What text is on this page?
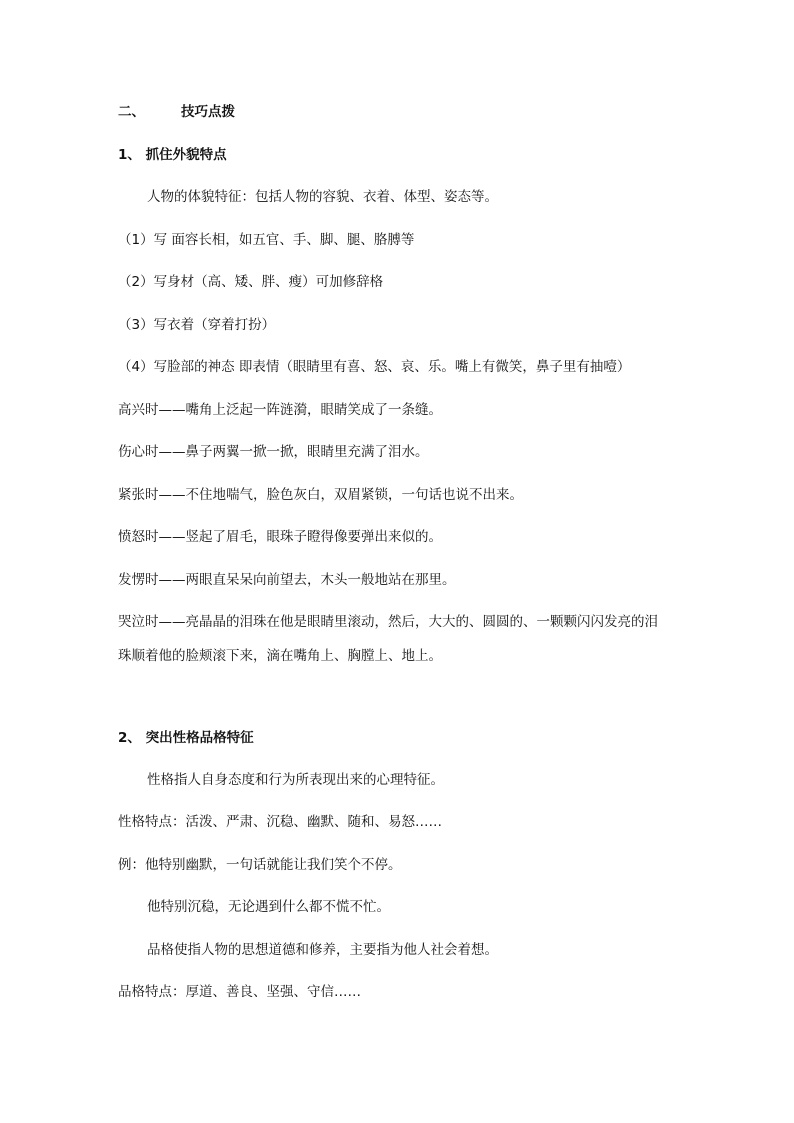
二、	技巧点拨
1、 抓住外貌特点
人物的体貌特征：包括人物的容貌、衣着、体型、姿态等。
（1）写 面容长相，如五官、手、脚、腿、胳膊等
（2）写身材（高、矮、胖、瘦）可加修辞格
（3）写衣着（穿着打扮）
（4）写脸部的神态 即表情（眼睛里有喜、怒、哀、乐。嘴上有微笑，鼻子里有抽噎）
高兴时——嘴角上泛起一阵涟漪，眼睛笑成了一条缝。
伤心时——鼻子两翼一掀一掀，眼睛里充满了泪水。
紧张时——不住地喘气，脸色灰白，双眉紧锁，一句话也说不出来。
愤怒时——竖起了眉毛，眼珠子瞪得像要弹出来似的。
发愣时——两眼直呆呆向前望去，木头一般地站在那里。
哭泣时——亮晶晶的泪珠在他是眼睛里滚动，然后，大大的、圆圆的、一颗颗闪闪发亮的泪
珠顺着他的脸颊滚下来，滴在嘴角上、胸膛上、地上。
2、 突出性格品格特征
性格指人自身态度和行为所表现出来的心理特征。
性格特点：活泼、严肃、沉稳、幽默、随和、易怒……
例：他特别幽默，一句话就能让我们笑个不停。
他特别沉稳，无论遇到什么都不慌不忙。
品格使指人物的思想道德和修养，主要指为他人社会着想。
品格特点：厚道、善良、坚强、守信……
